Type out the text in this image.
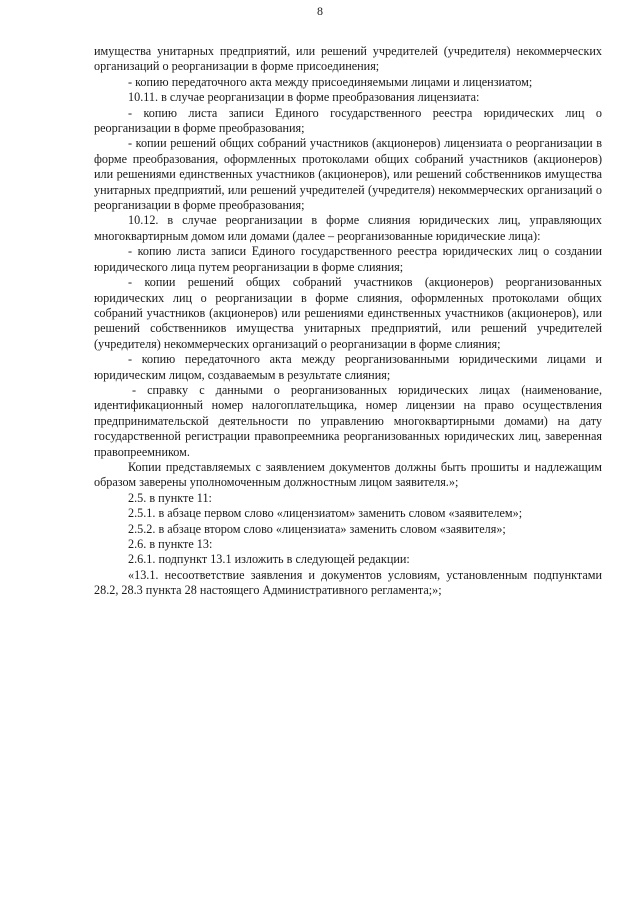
8

имущества унитарных предприятий, или решений учредителей (учредителя) некоммерческих организаций о реорганизации в форме присоединения;

- копию передаточного акта между присоединяемыми лицами и лицензиатом;

10.11. в случае реорганизации в форме преобразования лицензиата:

- копию листа записи Единого государственного реестра юридических лиц о реорганизации в форме преобразования;

- копии решений общих собраний участников (акционеров) лицензиата о реорганизации в форме преобразования, оформленных протоколами общих собраний участников (акционеров) или решениями единственных участников (акционеров), или решений собственников имущества унитарных предприятий, или решений учредителей (учредителя) некоммерческих организаций о реорганизации в форме преобразования;

10.12. в случае реорганизации в форме слияния юридических лиц, управляющих многоквартирным домом или домами (далее – реорганизованные юридические лица):

- копию листа записи Единого государственного реестра юридических лиц о создании юридического лица путем реорганизации в форме слияния;

- копии решений общих собраний участников (акционеров) реорганизованных юридических лиц о реорганизации в форме слияния, оформленных протоколами общих собраний участников (акционеров) или решениями единственных участников (акционеров), или решений собственников имущества унитарных предприятий, или решений учредителей (учредителя) некоммерческих организаций о реорганизации в форме слияния;

- копию передаточного акта между реорганизованными юридическими лицами и юридическим лицом, создаваемым в результате слияния;

- справку с данными о реорганизованных юридических лицах (наименование, идентификационный номер налогоплательщика, номер лицензии на право осуществления предпринимательской деятельности по управлению многоквартирными домами) на дату государственной регистрации правопреемника реорганизованных юридических лиц, заверенная правопреемником.

Копии представляемых с заявлением документов должны быть прошиты и надлежащим образом заверены уполномоченным должностным лицом заявителя.»;

2.5. в пункте 11:

2.5.1. в абзаце первом слово «лицензиатом» заменить словом «заявителем»;

2.5.2. в абзаце втором слово «лицензиата» заменить словом «заявителя»;

2.6. в пункте 13:

2.6.1. подпункт 13.1 изложить в следующей редакции:

«13.1. несоответствие заявления и документов условиям, установленным подпунктами 28.2, 28.3 пункта 28 настоящего Административного регламента;»;
